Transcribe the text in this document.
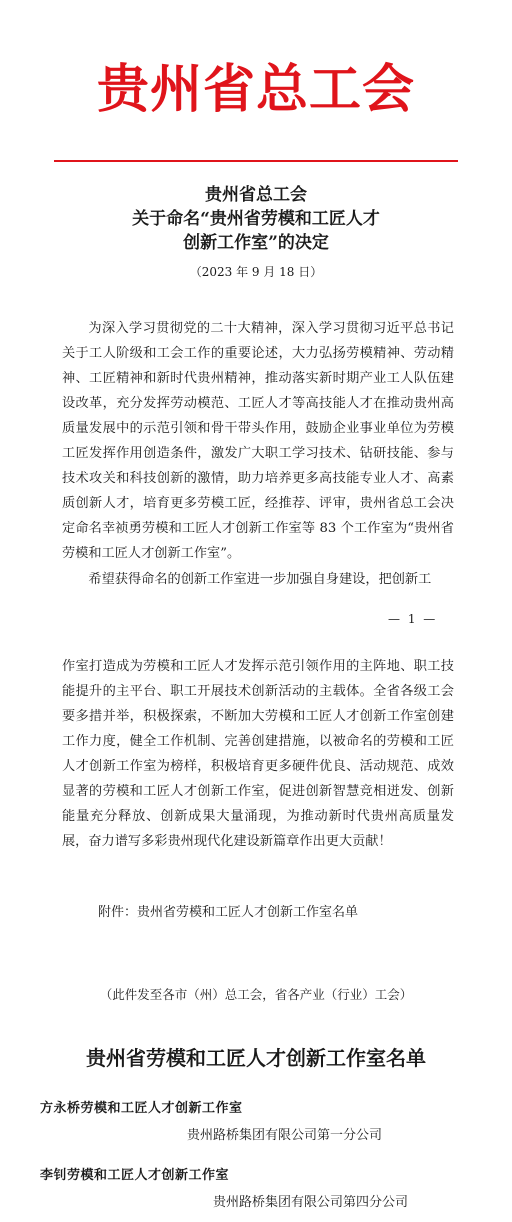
贵州省总工会
贵州省总工会
关于命名“贵州省劳模和工匠人才
创新工作室”的决定
（2023 年 9 月 18 日）

为深入学习贯彻党的二十大精神，深入学习贯彻习近平总书记关于工人阶级和工会工作的重要论述，大力弘扬劳模精神、劳动精神、工匠精神和新时代贵州精神，推动落实新时期产业工人队伍建设改革，充分发挥劳动模范、工匠人才等高技能人才在推动贵州高质量发展中的示范引领和骨干带头作用，鼓励企业事业单位为劳模工匠发挥作用创造条件，激发广大职工学习技术、钻研技能、参与技术攻关和科技创新的激情，助力培养更多高技能专业人才、高素质创新人才，培育更多劳模工匠，经推荐、评审，贵州省总工会决定命名幸祯勇劳模和工匠人才创新工作室等 83 个工作室为“贵州省劳模和工匠人才创新工作室”。

希望获得命名的创新工作室进一步加强自身建设，把创新工

— 1 —

作室打造成为劳模和工匠人才发挥示范引领作用的主阵地、职工技能提升的主平台、职工开展技术创新活动的主载体。全省各级工会要多措并举，积极探索，不断加大劳模和工匠人才创新工作室创建工作力度，健全工作机制、完善创建措施，以被命名的劳模和工匠人才创新工作室为榜样，积极培育更多硬件优良、活动规范、成效显著的劳模和工匠人才创新工作室，促进创新智慧竞相迸发、创新能量充分释放、创新成果大量涌现，为推动新时代贵州高质量发展，奋力谱写多彩贵州现代化建设新篇章作出更大贡献！

附件：贵州省劳模和工匠人才创新工作室名单
（此件发至各市（州）总工会，省各产业（行业）工会）
贵州省劳模和工匠人才创新工作室名单
方永桥劳模和工匠人才创新工作室
贵州路桥集团有限公司第一分公司
李钊劳模和工匠人才创新工作室
贵州路桥集团有限公司第四分公司
